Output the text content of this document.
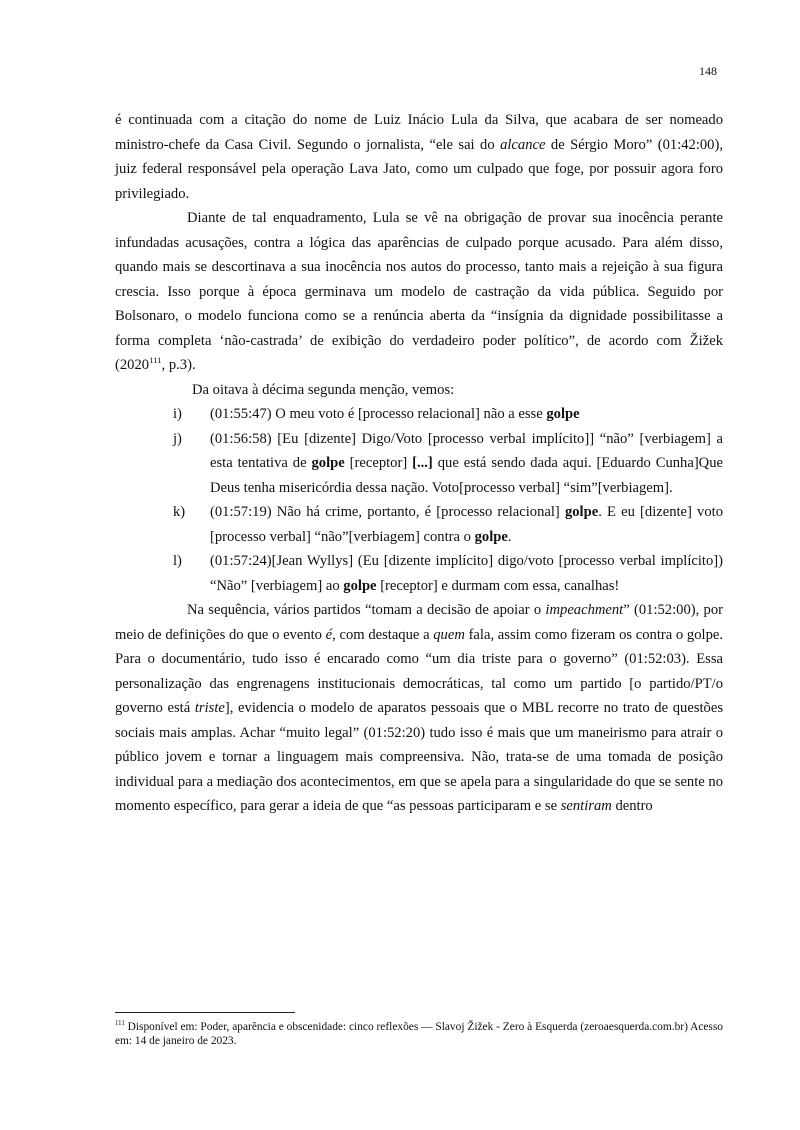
148

é continuada com a citação do nome de Luiz Inácio Lula da Silva, que acabara de ser nomeado ministro-chefe da Casa Civil. Segundo o jornalista, “ele sai do alcance de Sérgio Moro” (01:42:00), juiz federal responsável pela operação Lava Jato, como um culpado que foge, por possuir agora foro privilegiado.

Diante de tal enquadramento, Lula se vê na obrigação de provar sua inocência perante infundadas acusações, contra a lógica das aparências de culpado porque acusado. Para além disso, quando mais se descortinava a sua inocência nos autos do processo, tanto mais a rejeição à sua figura crescia. Isso porque à época germinava um modelo de castração da vida pública. Seguido por Bolsonaro, o modelo funciona como se a renúncia aberta da “insígnia da dignidade possibilitasse a forma completa ‘não-castrada’ de exibição do verdadeiro poder político”, de acordo com Žižek (2020$^{111}$, p.3).

Da oitava à décima segunda menção, vemos:

i)	(01:55:47) O meu voto é [processo relacional] não a esse golpe
j)	(01:56:58) [Eu [dizente] Digo/Voto [processo verbal implícito]] “não” [verbiagem] a esta tentativa de golpe [receptor] [...] que está sendo dada aqui. [Eduardo Cunha]Que Deus tenha misericórdia dessa nação. Voto[processo verbal] “sim”[verbiagem].
k)	(01:57:19) Não há crime, portanto, é [processo relacional] golpe. E eu [dizente] voto [processo verbal] “não”[verbiagem] contra o golpe.
l)	(01:57:24)[Jean Wyllys] (Eu [dizente implícito] digo/voto [processo verbal implícito]) “Não” [verbiagem] ao golpe [receptor] e durmam com essa, canalhas!

Na sequência, vários partidos “tomam a decisão de apoiar o impeachment” (01:52:00), por meio de definições do que o evento é, com destaque a quem fala, assim como fizeram os contra o golpe. Para o documentário, tudo isso é encarado como “um dia triste para o governo” (01:52:03). Essa personalização das engrenagens institucionais democráticas, tal como um partido [o partido/PT/o governo está triste], evidencia o modelo de aparatos pessoais que o MBL recorre no trato de questões sociais mais amplas. Achar “muito legal” (01:52:20) tudo isso é mais que um maneirismo para atrair o público jovem e tornar a linguagem mais compreensiva. Não, trata-se de uma tomada de posição individual para a mediação dos acontecimentos, em que se apela para a singularidade do que se sente no momento específico, para gerar a ideia de que “as pessoas participaram e se sentiram dentro

$^{111}$ Disponível em: Poder, aparência e obscenidade: cinco reflexões — Slavoj Žižek - Zero à Esquerda (zeroaesquerda.com.br) Acesso em: 14 de janeiro de 2023.
